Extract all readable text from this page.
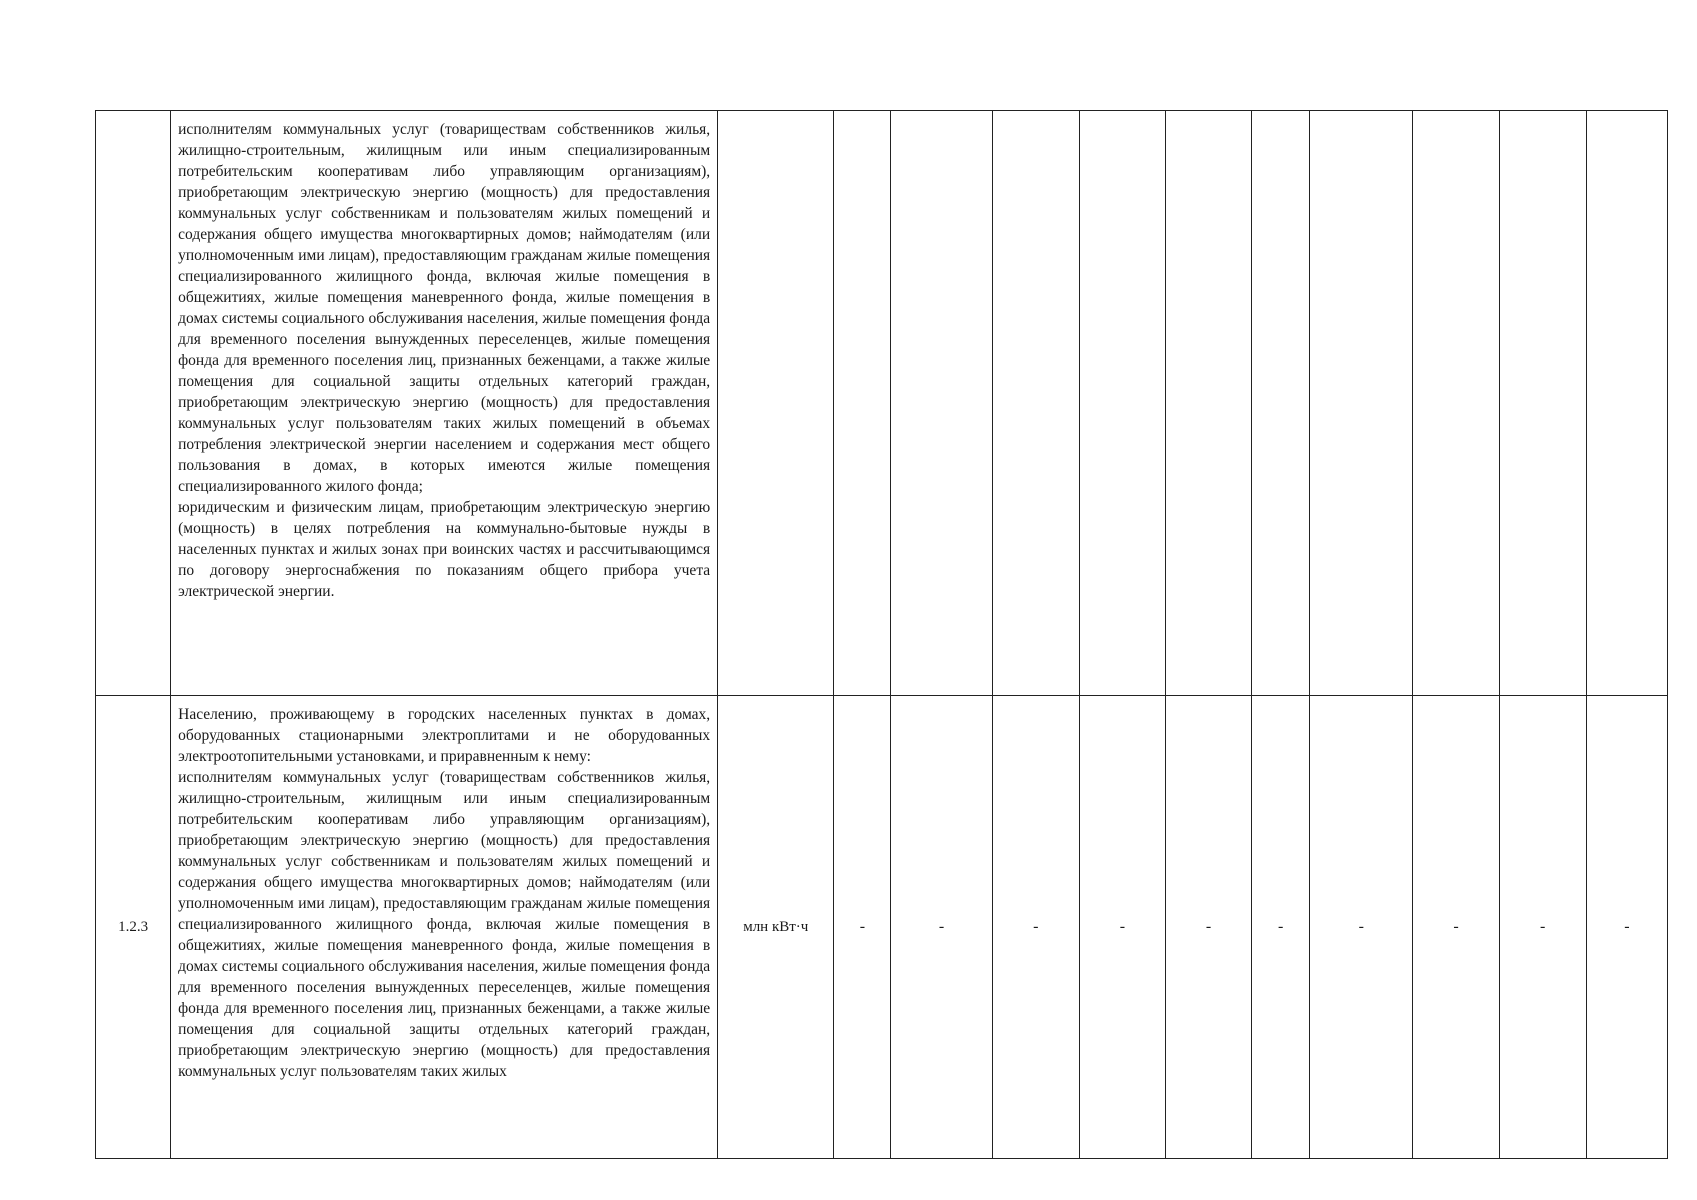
	исполнителям коммунальных услуг (товариществам собственников жилья, жилищно-строительным, жилищным или иным специализированным потребительским кооперативам либо управляющим организациям), приобретающим электрическую энергию (мощность) для предоставления коммунальных услуг собственникам и пользователям жилых помещений и содержания общего имущества многоквартирных домов; наймодателям (или уполномоченным ими лицам), предоставляющим гражданам жилые помещения специализированного жилищного фонда, включая жилые помещения в общежитиях, жилые помещения маневренного фонда, жилые помещения в домах системы социального обслуживания населения, жилые помещения фонда для временного поселения вынужденных переселенцев, жилые помещения фонда для временного поселения лиц, признанных беженцами, а также жилые помещения для социальной защиты отдельных категорий граждан, приобретающим электрическую энергию (мощность) для предоставления коммунальных услуг пользователям таких жилых помещений в объемах потребления электрической энергии населением и содержания мест общего пользования в домах, в которых имеются жилые помещения специализированного жилого фонда;

юридическим и физическим лицам, приобретающим электрическую энергию (мощность) в целях потребления на коммунально-бытовые нужды в населенных пунктах и жилых зонах при воинских частях и рассчитывающимся по договору энергоснабжения по показаниям общего прибора учета электрической энергии.											

1.2.3	Населению, проживающему в городских населенных пунктах в домах, оборудованных стационарными электроплитами и не оборудованных электроотопительными установками, и приравненным к нему:

исполнителям коммунальных услуг (товариществам собственников жилья, жилищно-строительным, жилищным или иным специализированным потребительским кооперативам либо управляющим организациям), приобретающим электрическую энергию (мощность) для предоставления коммунальных услуг собственникам и пользователям жилых помещений и содержания общего имущества многоквартирных домов; наймодателям (или уполномоченным ими лицам), предоставляющим гражданам жилые помещения специализированного жилищного фонда, включая жилые помещения в общежитиях, жилые помещения маневренного фонда, жилые помещения в домах системы социального обслуживания населения, жилые помещения фонда для временного поселения вынужденных переселенцев, жилые помещения фонда для временного поселения лиц, признанных беженцами, а также жилые помещения для социальной защиты отдельных категорий граждан, приобретающим электрическую энергию (мощность) для предоставления коммунальных услуг пользователям таких жилых	млн кВт·ч	-	-	-	-	-	-	-	-	-	-
